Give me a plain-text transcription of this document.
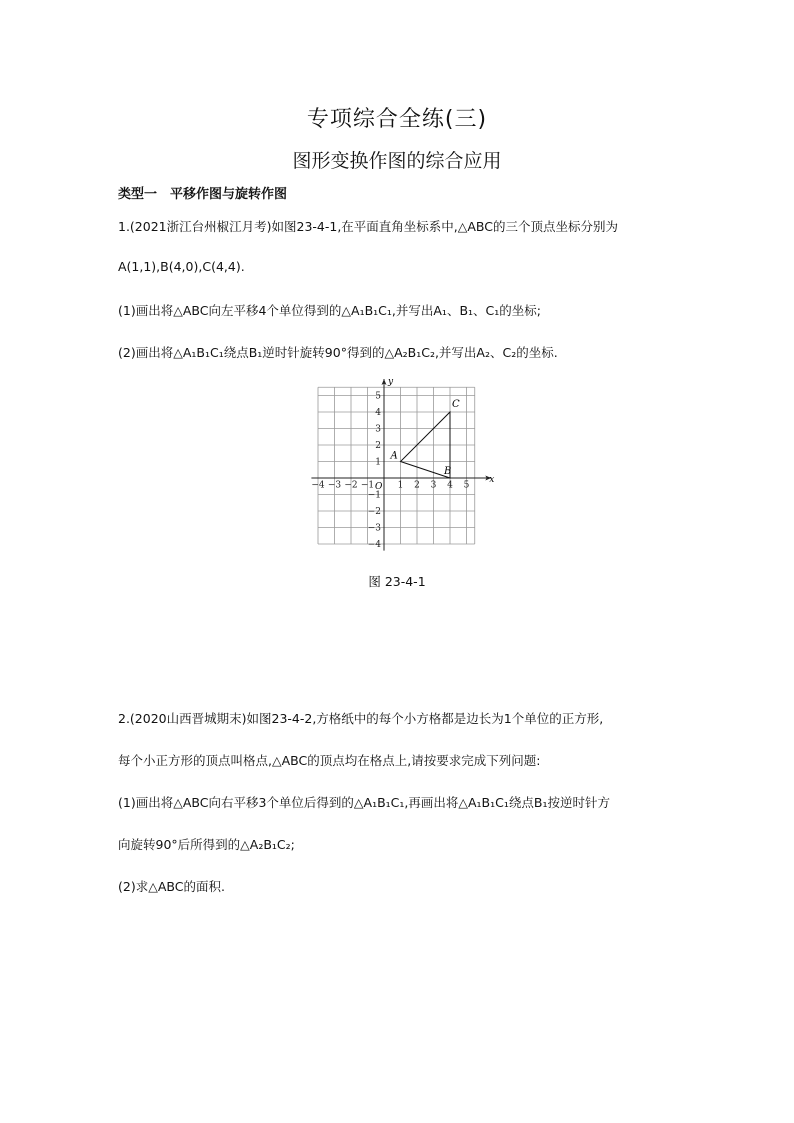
专项综合全练(三)
图形变换作图的综合应用
类型一　平移作图与旋转作图
1.(2021浙江台州椒江月考)如图23-4-1,在平面直角坐标系中,△ABC的三个顶点坐标分别为
A(1,1),B(4,0),C(4,4).
(1)画出将△ABC向左平移4个单位得到的△A₁B₁C₁,并写出A₁、B₁、C₁的坐标;
(2)画出将△A₁B₁C₁绕点B₁逆时针旋转90°得到的△A₂B₁C₂,并写出A₂、C₂的坐标.
x
y
O
−4 −3 −2 −1	1 2 3 4 5
5
4
3
2
1
−1
−2
−3
−4
A
B
C
图 23-4-1
2.(2020山西晋城期末)如图23-4-2,方格纸中的每个小方格都是边长为1个单位的正方形,
每个小正方形的顶点叫格点,△ABC的顶点均在格点上,请按要求完成下列问题:
(1)画出将△ABC向右平移3个单位后得到的△A₁B₁C₁,再画出将△A₁B₁C₁绕点B₁按逆时针方
向旋转90°后所得到的△A₂B₁C₂;
(2)求△ABC的面积.
